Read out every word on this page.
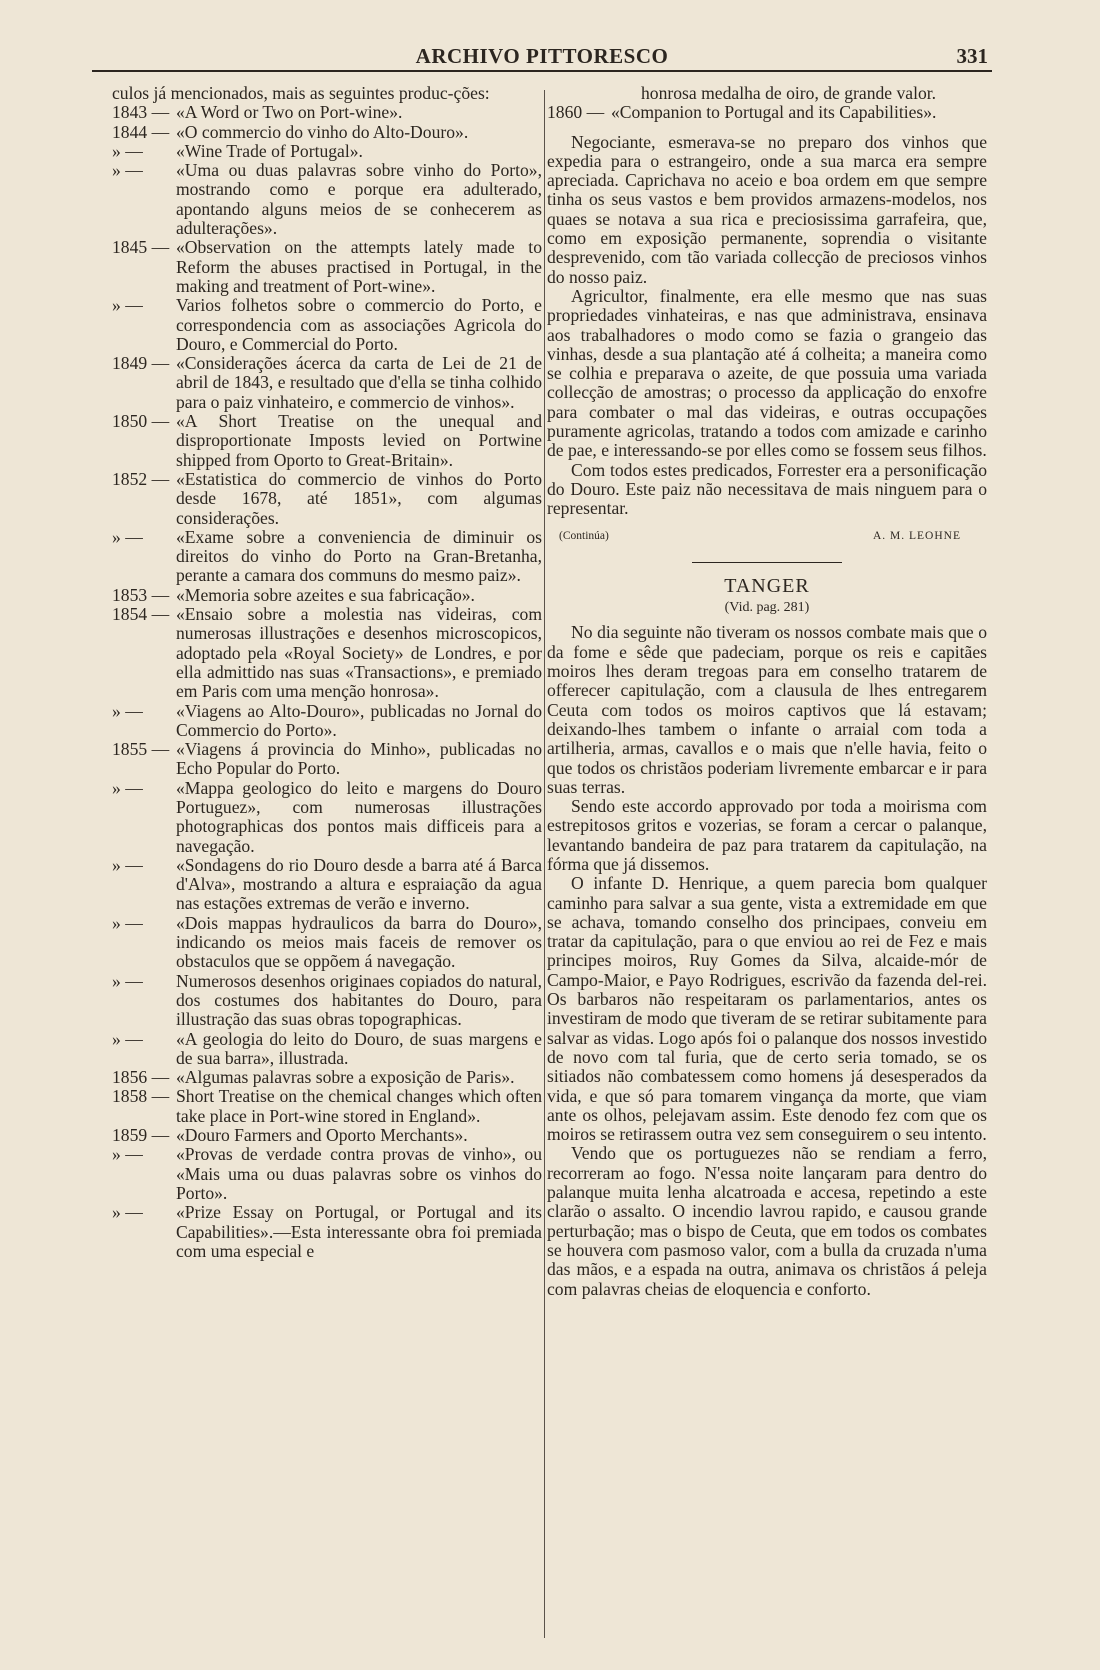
ARCHIVO PITTORESCO	331
culos já mencionados, mais as seguintes produc-ções:
1843 — «A Word or Two on Port-wine».
1844 — «O commercio do vinho do Alto-Douro».
» — «Wine Trade of Portugal».
» — «Uma ou duas palavras sobre vinho do Porto», mostrando como e porque era adulterado, apontando alguns meios de se conhecerem as adulterações».
1845 — «Observation on the attempts lately made to Reform the abuses practised in Portugal, in the making and treatment of Port-wine».
» — Varios folhetos sobre o commercio do Porto, e correspondencia com as associações Agricola do Douro, e Commercial do Porto.
1849 — «Considerações ácerca da carta de Lei de 21 de abril de 1843, e resultado que d'ella se tinha colhido para o paiz vinhateiro, e commercio de vinhos».
1850 — «A Short Treatise on the unequal and disproportionate Imposts levied on Portwine shipped from Oporto to Great-Britain».
1852 — «Estatistica do commercio de vinhos do Porto desde 1678, até 1851», com algumas considerações.
» — «Exame sobre a conveniencia de diminuir os direitos do vinho do Porto na Gran-Bretanha, perante a camara dos communs do mesmo paiz».
1853 — «Memoria sobre azeites e sua fabricação».
1854 — «Ensaio sobre a molestia nas videiras, com numerosas illustrações e desenhos microscopicos, adoptado pela «Royal Society» de Londres, e por ella admittido nas suas «Transactions», e premiado em Paris com uma menção honrosa».
» — «Viagens ao Alto-Douro», publicadas no Jornal do Commercio do Porto».
1855 — «Viagens á provincia do Minho», publicadas no Echo Popular do Porto.
» — «Mappa geologico do leito e margens do Douro Portuguez», com numerosas illustrações photographicas dos pontos mais difficeis para a navegação.
» — «Sondagens do rio Douro desde a barra até á Barca d'Alva», mostrando a altura e espraiação da agua nas estações extremas de verão e inverno.
» — «Dois mappas hydraulicos da barra do Douro», indicando os meios mais faceis de remover os obstaculos que se oppõem á navegação.
» — Numerosos desenhos originaes copiados do natural, dos costumes dos habitantes do Douro, para illustração das suas obras topographicas.
» — «A geologia do leito do Douro, de suas margens e de sua barra», illustrada.
1856 — «Algumas palavras sobre a exposição de Paris».
1858 — Short Treatise on the chemical changes which often take place in Port-wine stored in England».
1859 — «Douro Farmers and Oporto Merchants».
» — «Provas de verdade contra provas de vinho», ou «Mais uma ou duas palavras sobre os vinhos do Porto».
» — «Prize Essay on Portugal, or Portugal and its Capabilities».—Esta interessante obra foi premiada com uma especial e

honrosa medalha de oiro, de grande valor.

1860 — «Companion to Portugal and its Capabilities».

Negociante, esmerava-se no preparo dos vinhos que expedia para o estrangeiro, onde a sua marca era sempre apreciada. Caprichava no aceio e boa ordem em que sempre tinha os seus vastos e bem providos armazens-modelos, nos quaes se notava a sua rica e preciosissima garrafeira, que, como em exposição permanente, soprendia o visitante desprevenido, com tão variada collecção de preciosos vinhos do nosso paiz.

Agricultor, finalmente, era elle mesmo que nas suas propriedades vinhateiras, e nas que administrava, ensinava aos trabalhadores o modo como se fazia o grangeio das vinhas, desde a sua plantação até á colheita; a maneira como se colhia e preparava o azeite, de que possuia uma variada collecção de amostras; o processo da applicação do enxofre para combater o mal das videiras, e outras occupações puramente agricolas, tratando a todos com amizade e carinho de pae, e interessando-se por elles como se fossem seus filhos.

Com todos estes predicados, Forrester era a personificação do Douro. Este paiz não necessitava de mais ninguem para o representar.

(Continúa)	A. M. LEOHNE
TANGER
(Vid. pag. 281)

No dia seguinte não tiveram os nossos combate mais que o da fome e sêde que padeciam, porque os reis e capitães moiros lhes deram tregoas para em conselho tratarem de offerecer capitulação, com a clausula de lhes entregarem Ceuta com todos os moiros captivos que lá estavam; deixando-lhes tambem o infante o arraial com toda a artilheria, armas, cavallos e o mais que n'elle havia, feito o que todos os christãos poderiam livremente embarcar e ir para suas terras.

Sendo este accordo approvado por toda a moirisma com estrepitosos gritos e vozerias, se foram a cercar o palanque, levantando bandeira de paz para tratarem da capitulação, na fórma que já dissemos.

O infante D. Henrique, a quem parecia bom qualquer caminho para salvar a sua gente, vista a extremidade em que se achava, tomando conselho dos principaes, conveiu em tratar da capitulação, para o que enviou ao rei de Fez e mais principes moiros, Ruy Gomes da Silva, alcaide-mór de Campo-Maior, e Payo Rodrigues, escrivão da fazenda del-rei. Os barbaros não respeitaram os parlamentarios, antes os investiram de modo que tiveram de se retirar subitamente para salvar as vidas. Logo após foi o palanque dos nossos investido de novo com tal furia, que de certo seria tomado, se os sitiados não combatessem como homens já desesperados da vida, e que só para tomarem vingança da morte, que viam ante os olhos, pelejavam assim. Este denodo fez com que os moiros se retirassem outra vez sem conseguirem o seu intento.

Vendo que os portuguezes não se rendiam a ferro, recorreram ao fogo. N'essa noite lançaram para dentro do palanque muita lenha alcatroada e accesa, repetindo a este clarão o assalto. O incendio lavrou rapido, e causou grande perturbação; mas o bispo de Ceuta, que em todos os combates se houvera com pasmoso valor, com a bulla da cruzada n'uma das mãos, e a espada na outra, animava os christãos á peleja com palavras cheias de eloquencia e conforto.
